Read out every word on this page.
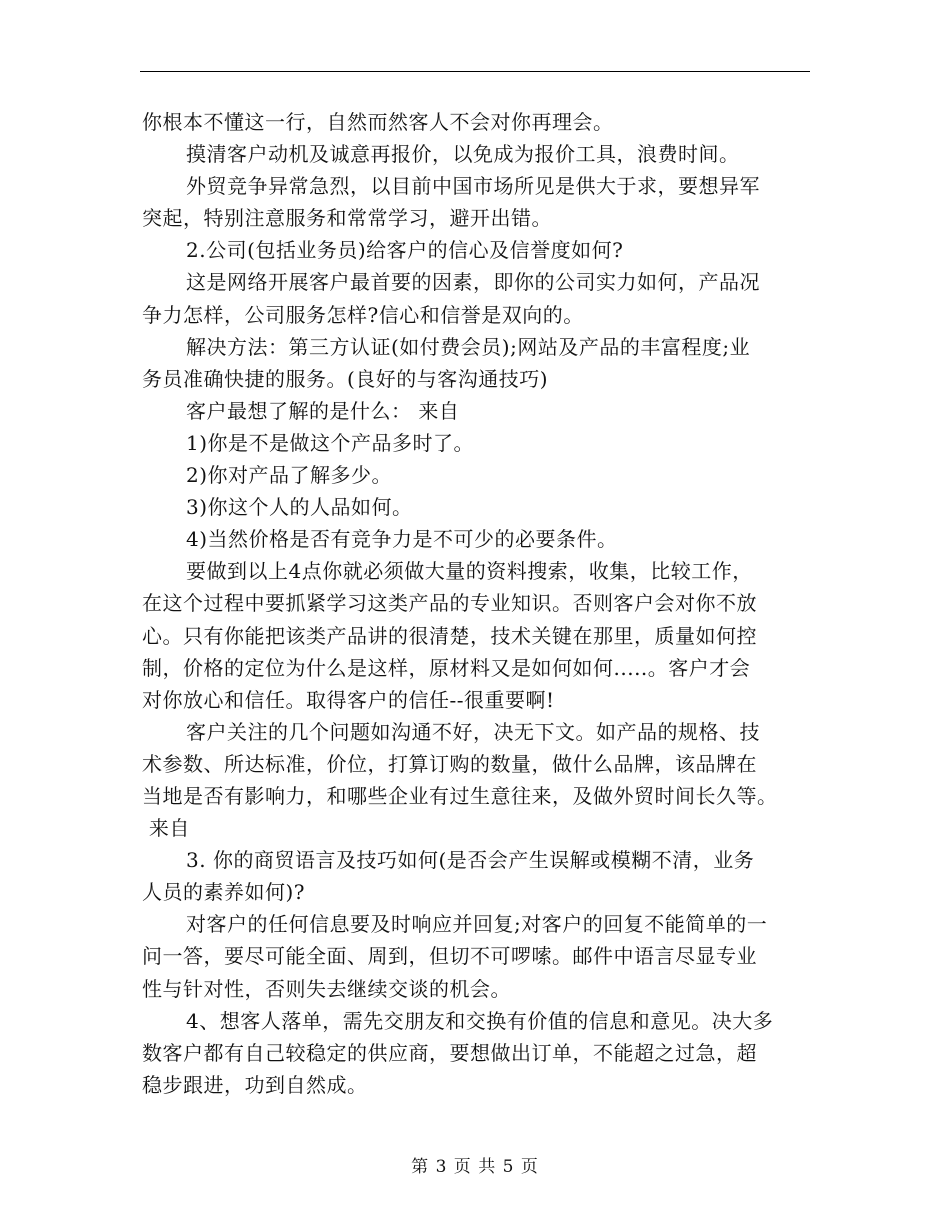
你根本不懂这一行，自然而然客人不会对你再理会。
摸清客户动机及诚意再报价，以免成为报价工具，浪费时间。
外贸竞争异常急烈，以目前中国市场所见是供大于求，要想异军
突起，特别注意服务和常常学习，避开出错。
2.公司(包括业务员)给客户的信心及信誉度如何?
这是网络开展客户最首要的因素，即你的公司实力如何，产品况
争力怎样，公司服务怎样?信心和信誉是双向的。
解决方法：第三方认证(如付费会员);网站及产品的丰富程度;业
务员准确快捷的服务。(良好的与客沟通技巧)
客户最想了解的是什么： 来自
1)你是不是做这个产品多时了。
2)你对产品了解多少。
3)你这个人的人品如何。
4)当然价格是否有竞争力是不可少的必要条件。
要做到以上4点你就必须做大量的资料搜索，收集，比较工作，
在这个过程中要抓紧学习这类产品的专业知识。否则客户会对你不放
心。只有你能把该类产品讲的很清楚，技术关键在那里，质量如何控
制，价格的定位为什么是这样，原材料又是如何如何.....。客户才会
对你放心和信任。取得客户的信任--很重要啊!
客户关注的几个问题如沟通不好，决无下文。如产品的规格、技
术参数、所达标准，价位，打算订购的数量，做什么品牌，该品牌在
当地是否有影响力，和哪些企业有过生意往来，及做外贸时间长久等。
来自
3. 你的商贸语言及技巧如何(是否会产生误解或模糊不清，业务
人员的素养如何)?
对客户的任何信息要及时响应并回复;对客户的回复不能简单的一
问一答，要尽可能全面、周到，但切不可啰嗦。邮件中语言尽显专业
性与针对性，否则失去继续交谈的机会。
4、想客人落单，需先交朋友和交换有价值的信息和意见。决大多
数客户都有自己较稳定的供应商，要想做出订单，不能超之过急，超
稳步跟进，功到自然成。
第 3 页 共 5 页
